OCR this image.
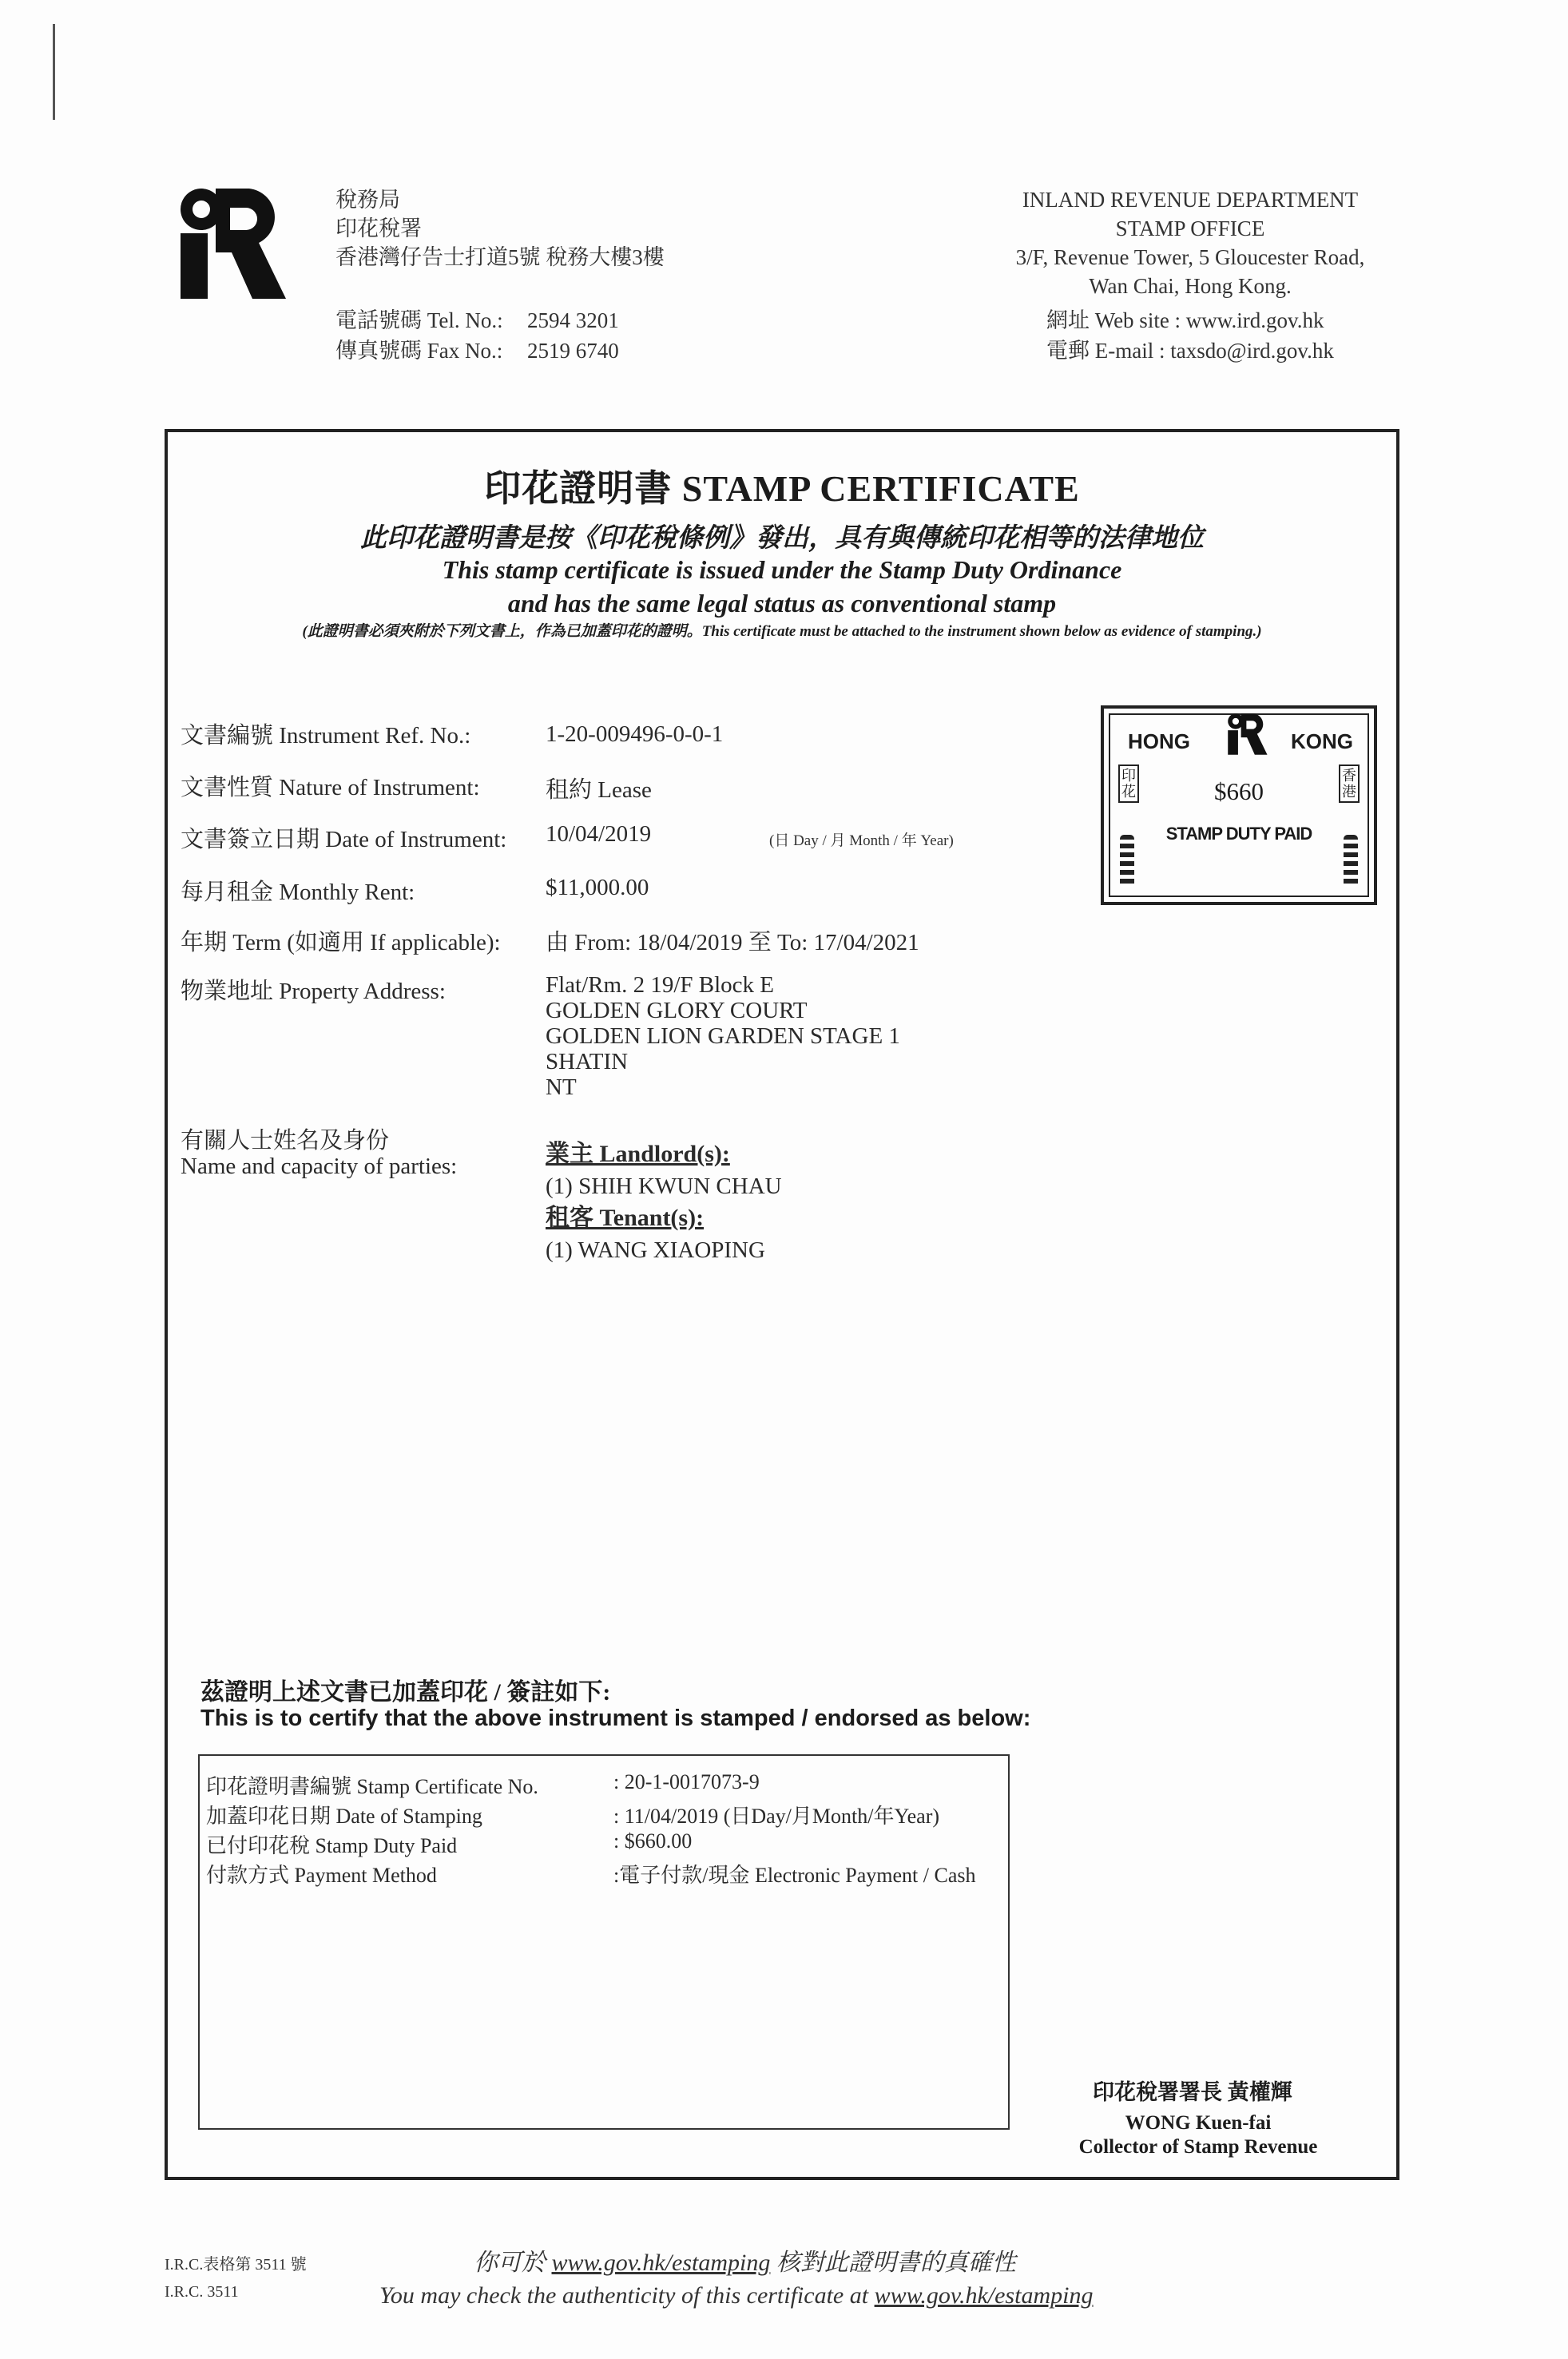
稅務局
印花稅署
香港灣仔告士打道5號 稅務大樓3樓
INLAND REVENUE DEPARTMENT
STAMP OFFICE
3/F, Revenue Tower, 5 Gloucester Road,
Wan Chai, Hong Kong.
電話號碼 Tel. No.: 2594 3201
傳真號碼 Fax No.: 2519 6740
網址 Web site : www.ird.gov.hk
電郵 E-mail : taxsdo@ird.gov.hk
印花證明書 STAMP CERTIFICATE
此印花證明書是按《印花稅條例》發出，具有與傳統印花相等的法律地位
This stamp certificate is issued under the Stamp Duty Ordinance
and has the same legal status as conventional stamp
(此證明書必須夾附於下列文書上，作為已加蓋印花的證明。This certificate must be attached to the instrument shown below as evidence of stamping.)
文書編號 Instrument Ref. No.:	1-20-009496-0-0-1
文書性質 Nature of Instrument:	租約 Lease
文書簽立日期 Date of Instrument: 10/04/2019	(日 Day / 月 Month / 年 Year)
每月租金 Monthly Rent:	$11,000.00
年期 Term (如適用 If applicable): 由 From: 18/04/2019 至 To: 17/04/2021
物業地址 Property Address:	Flat/Rm. 2 19/F Block E
GOLDEN GLORY COURT
GOLDEN LION GARDEN STAGE 1
SHATIN
NT
有關人士姓名及身份
Name and capacity of parties:	業主 Landlord(s):
(1) SHIH KWUN CHAU
租客 Tenant(s):
(1) WANG XIAOPING
HONG	KONG
印花
香港
$660
STAMP DUTY PAID
茲證明上述文書已加蓋印花 / 簽註如下:
This is to certify that the above instrument is stamped / endorsed as below:
印花證明書編號 Stamp Certificate No.	: 20-1-0017073-9
加蓋印花日期 Date of Stamping	: 11/04/2019 (日Day/月Month/年Year)
已付印花稅 Stamp Duty Paid	: $660.00
付款方式 Payment Method	:電子付款/現金 Electronic Payment / Cash
印花稅署署長 黃權輝
WONG Kuen-fai
Collector of Stamp Revenue
I.R.C.表格第 3511 號
I.R.C. 3511
你可於 www.gov.hk/estamping 核對此證明書的真確性
You may check the authenticity of this certificate at www.gov.hk/estamping
